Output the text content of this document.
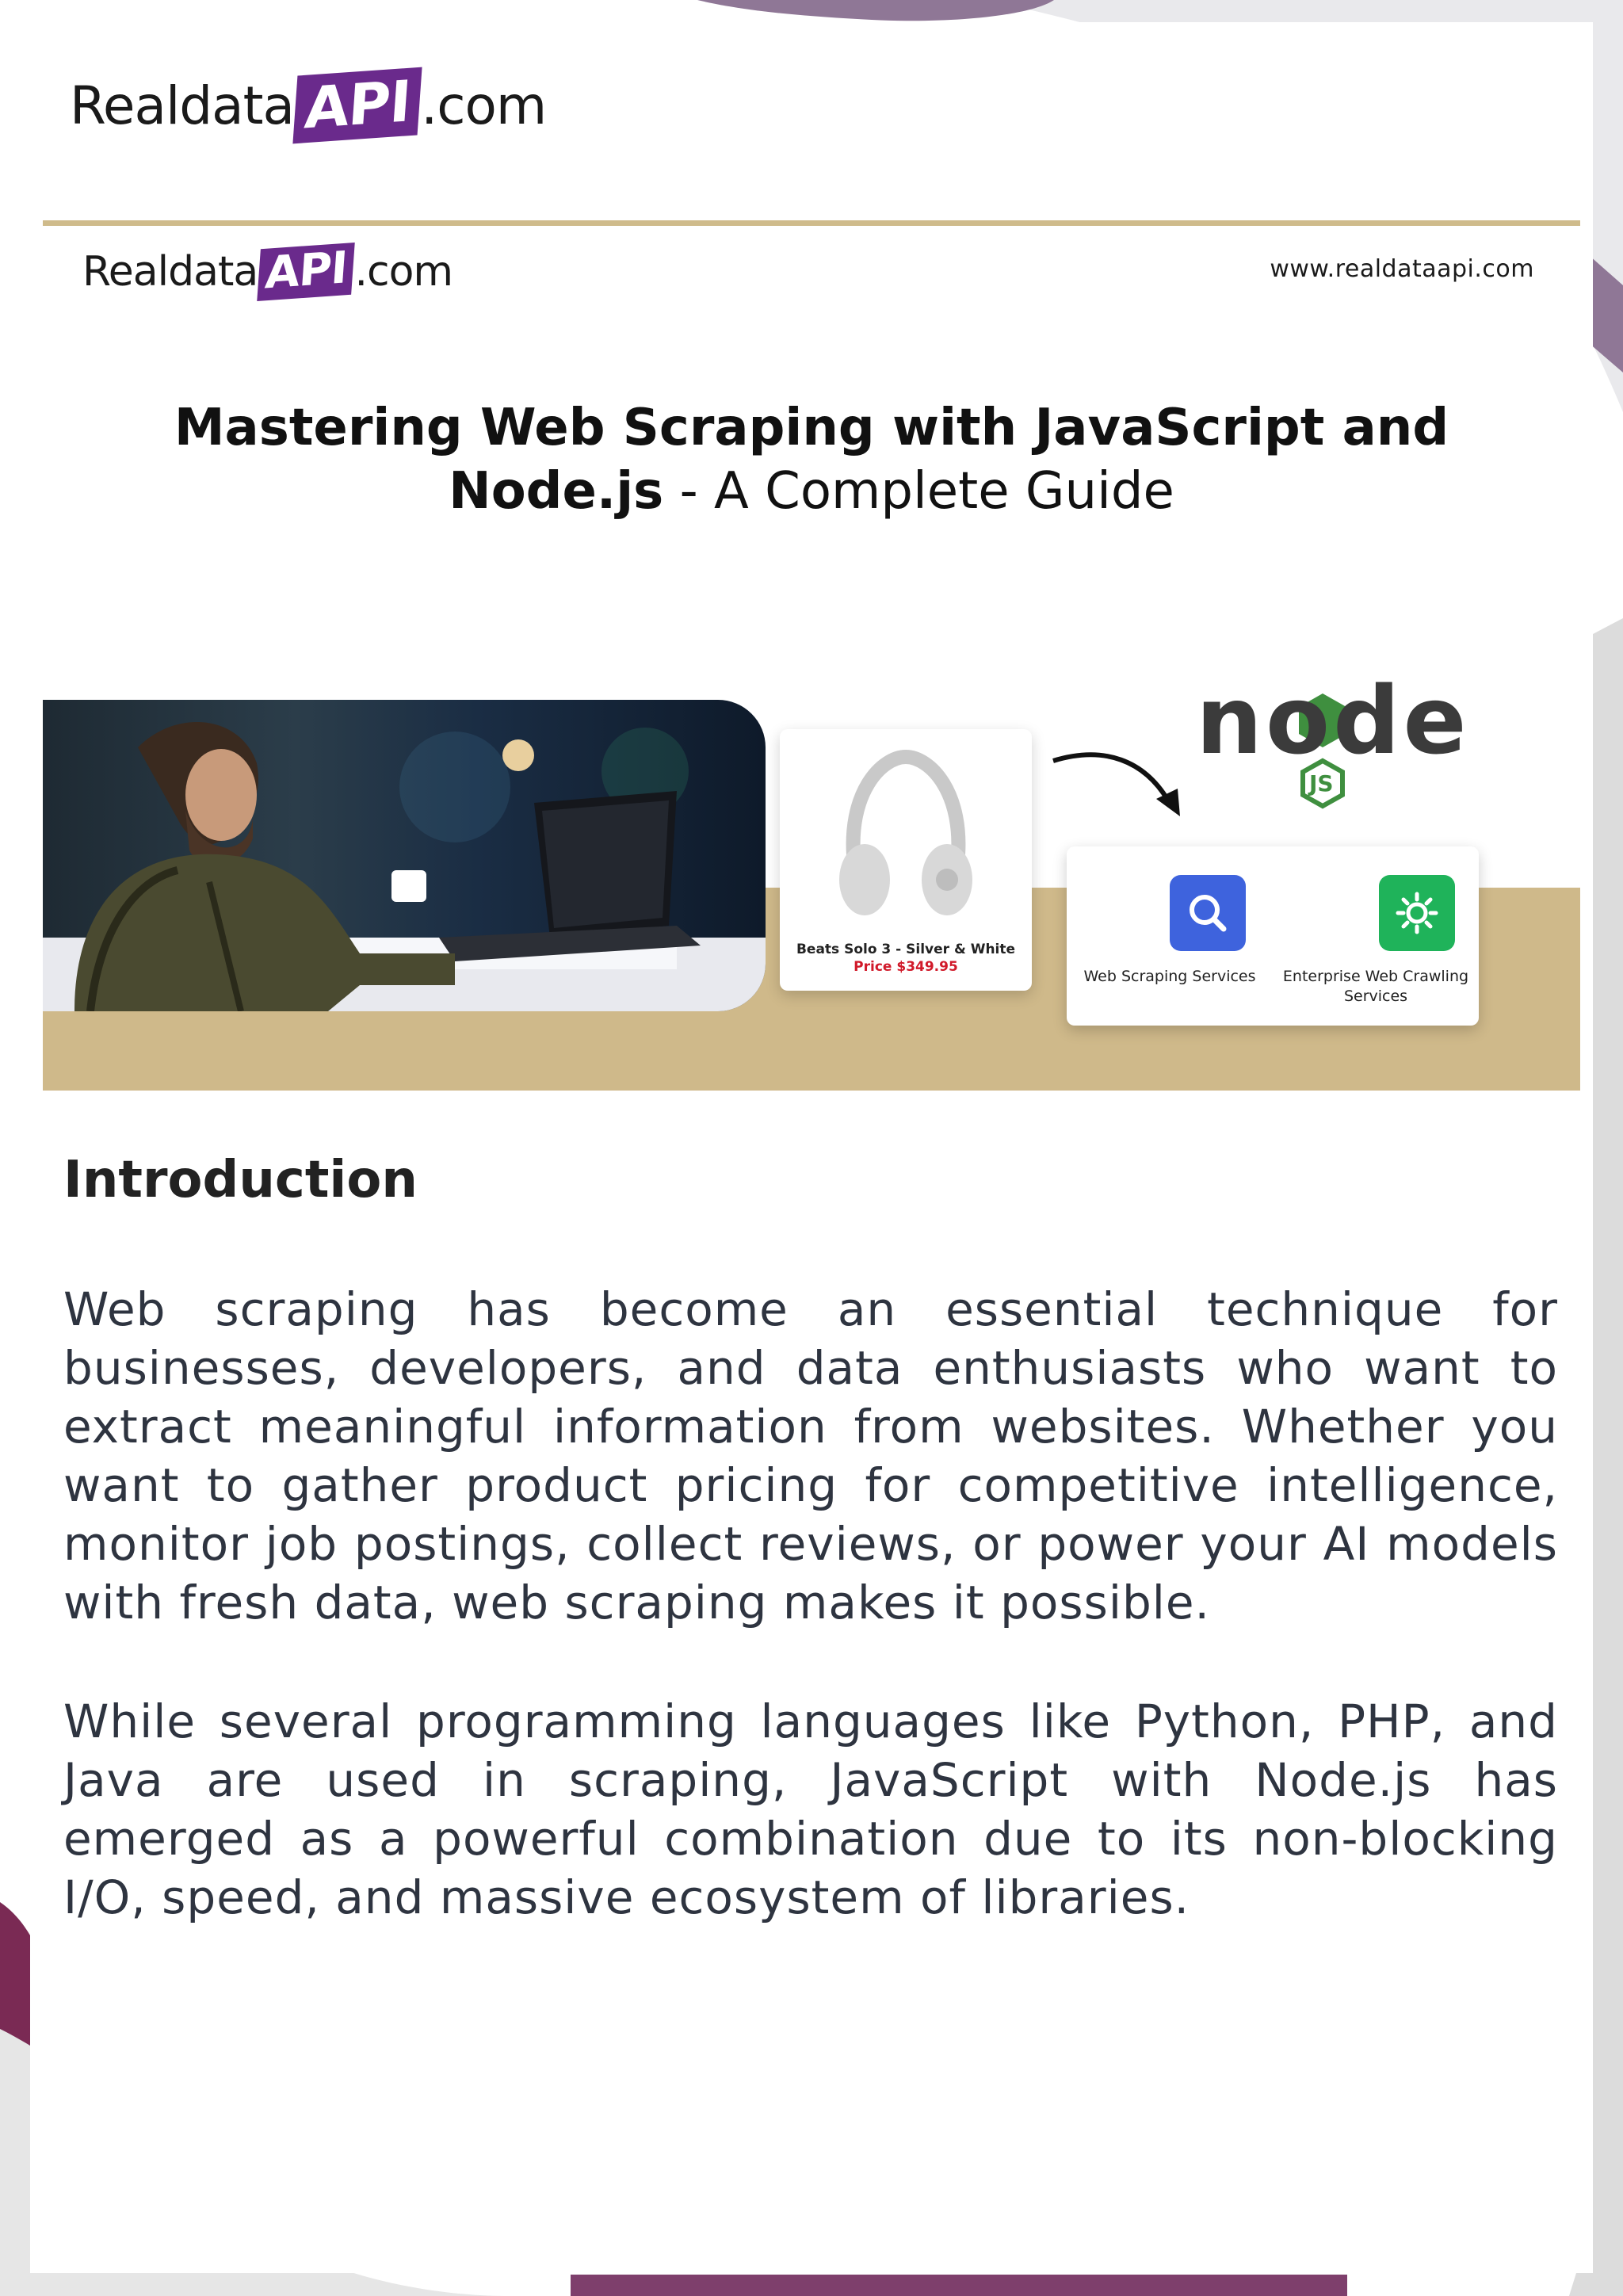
Realdata API .com
Realdata API .com	www.realdataapi.com
Mastering Web Scraping with JavaScript and
Node.js - A Complete Guide
Beats Solo 3 - Silver & White
Price $349.95
node
JS
Web Scraping Services	Enterprise Web Crawling Services
Introduction
Web scraping has become an essential technique for businesses, developers, and data enthusiasts who want to extract meaningful information from websites. Whether you want to gather product pricing for competitive intelligence, monitor job postings, collect reviews, or power your AI models with fresh data, web scraping makes it possible.
While several programming languages like Python, PHP, and Java are used in scraping, JavaScript with Node.js has emerged as a powerful combination due to its non-blocking I/O, speed, and massive ecosystem of libraries.
